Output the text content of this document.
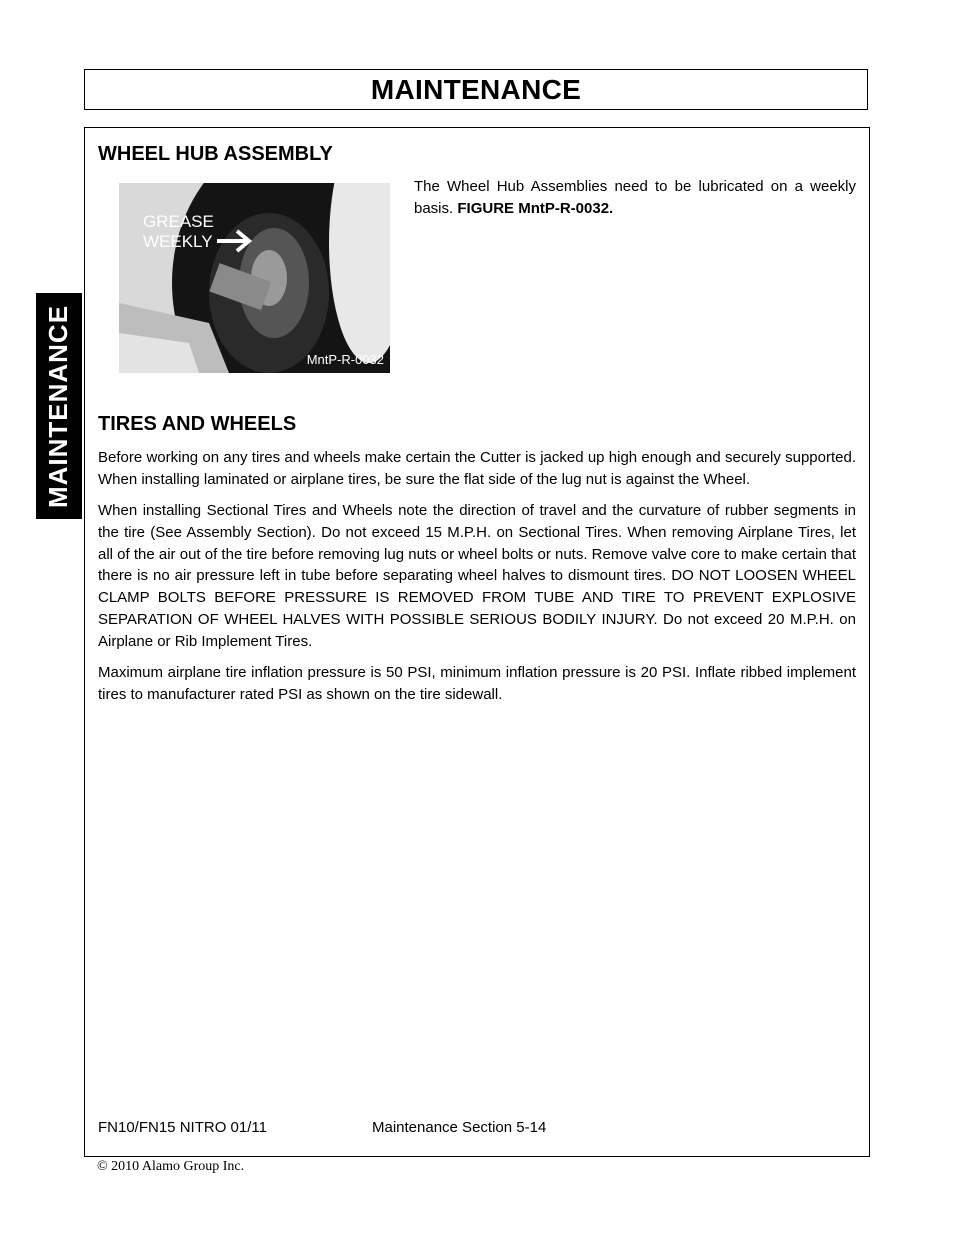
MAINTENANCE
MAINTENANCE
WHEEL HUB ASSEMBLY
GREASE
WEEKLY
MntP-R-0032

The Wheel Hub Assemblies need to be lubricated on a weekly basis. FIGURE MntP-R-0032.

TIRES AND WHEELS

Before working on any tires and wheels make certain the Cutter is jacked up high enough and securely supported. When installing laminated or airplane tires, be sure the flat side of the lug nut is against the Wheel.

When installing Sectional Tires and Wheels note the direction of travel and the curvature of rubber segments in the tire (See Assembly Section). Do not exceed 15 M.P.H. on Sectional Tires. When removing Airplane Tires, let all of the air out of the tire before removing lug nuts or wheel bolts or nuts. Remove valve core to make certain that there is no air pressure left in tube before separating wheel halves to dismount tires. DO NOT LOOSEN WHEEL CLAMP BOLTS BEFORE PRESSURE IS REMOVED FROM TUBE AND TIRE TO PREVENT EXPLOSIVE SEPARATION OF WHEEL HALVES WITH POSSIBLE SERIOUS BODILY INJURY. Do not exceed 20 M.P.H. on Airplane or Rib Implement Tires.

Maximum airplane tire inflation pressure is 50 PSI, minimum inflation pressure is 20 PSI. Inflate ribbed implement tires to manufacturer rated PSI as shown on the tire sidewall.

FN10/FN15 NITRO 01/11	Maintenance Section 5-14
© 2010 Alamo Group Inc.
